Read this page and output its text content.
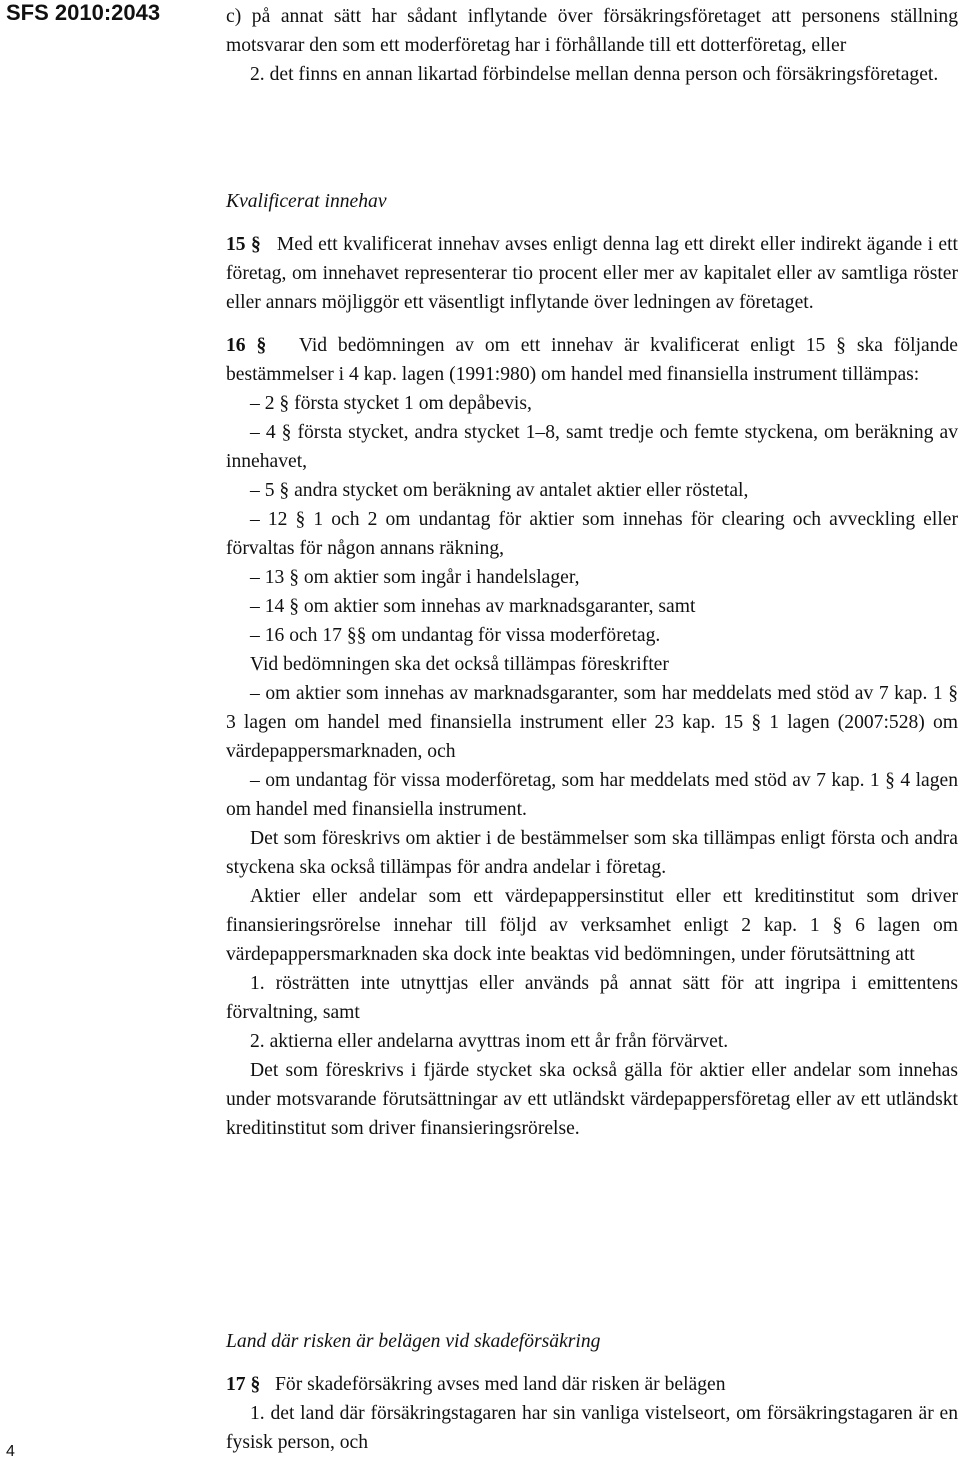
SFS 2010:2043	c) på annat sätt har sådant inflytande över försäkringsföretaget att personens ställning motsvarar den som ett moderföretag har i förhållande till ett dotterföretag, eller

2. det finns en annan likartad förbindelse mellan denna person och försäkringsföretaget.

Kvalificerat innehav

15 § Med ett kvalificerat innehav avses enligt denna lag ett direkt eller indirekt ägande i ett företag, om innehavet representerar tio procent eller mer av kapitalet eller av samtliga röster eller annars möjliggör ett väsentligt inflytande över ledningen av företaget.

16 § Vid bedömningen av om ett innehav är kvalificerat enligt 15 § ska följande bestämmelser i 4 kap. lagen (1991:980) om handel med finansiella instrument tillämpas:

– 2 § första stycket 1 om depåbevis,

– 4 § första stycket, andra stycket 1–8, samt tredje och femte styckena, om beräkning av innehavet,

– 5 § andra stycket om beräkning av antalet aktier eller röstetal,

– 12 § 1 och 2 om undantag för aktier som innehas för clearing och avveckling eller förvaltas för någon annans räkning,

– 13 § om aktier som ingår i handelslager,

– 14 § om aktier som innehas av marknadsgaranter, samt

– 16 och 17 §§ om undantag för vissa moderföretag.

Vid bedömningen ska det också tillämpas föreskrifter

– om aktier som innehas av marknadsgaranter, som har meddelats med stöd av 7 kap. 1 § 3 lagen om handel med finansiella instrument eller 23 kap. 15 § 1 lagen (2007:528) om värdepappersmarknaden, och

– om undantag för vissa moderföretag, som har meddelats med stöd av 7 kap. 1 § 4 lagen om handel med finansiella instrument.

Det som föreskrivs om aktier i de bestämmelser som ska tillämpas enligt första och andra styckena ska också tillämpas för andra andelar i företag.

Aktier eller andelar som ett värdepappersinstitut eller ett kreditinstitut som driver finansieringsrörelse innehar till följd av verksamhet enligt 2 kap. 1 § 6 lagen om värdepappersmarknaden ska dock inte beaktas vid bedömningen, under förutsättning att

1. rösträtten inte utnyttjas eller används på annat sätt för att ingripa i emittentens förvaltning, samt

2. aktierna eller andelarna avyttras inom ett år från förvärvet.

Det som föreskrivs i fjärde stycket ska också gälla för aktier eller andelar som innehas under motsvarande förutsättningar av ett utländskt värdepappersföretag eller av ett utländskt kreditinstitut som driver finansieringsrörelse.

Land där risken är belägen vid skadeförsäkring

17 § För skadeförsäkring avses med land där risken är belägen

1. det land där försäkringstagaren har sin vanliga vistelseort, om försäkringstagaren är en fysisk person, och

4
